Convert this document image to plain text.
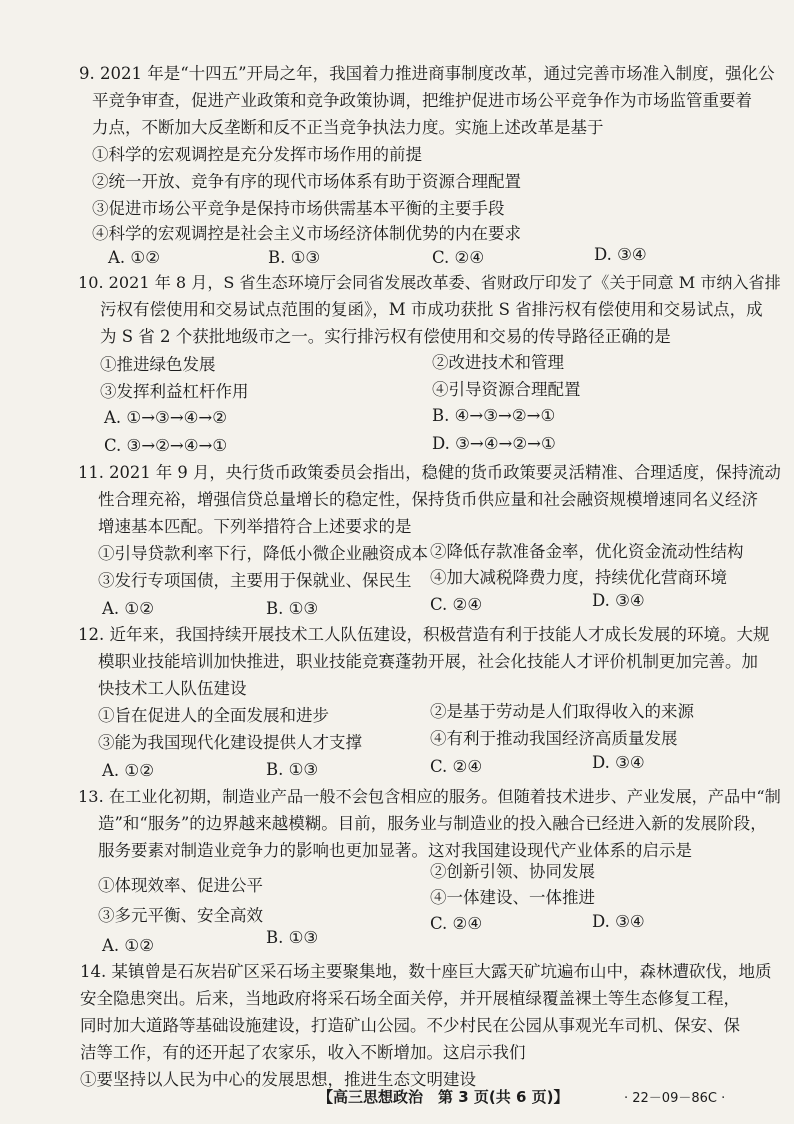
9. 2021 年是“十四五”开局之年，我国着力推进商事制度改革，通过完善市场准入制度，强化公
平竞争审查，促进产业政策和竞争政策协调，把维护促进市场公平竞争作为市场监管重要着
力点，不断加大反垄断和反不正当竞争执法力度。实施上述改革是基于
①科学的宏观调控是充分发挥市场作用的前提
②统一开放、竞争有序的现代市场体系有助于资源合理配置
③促进市场公平竞争是保持市场供需基本平衡的主要手段
④科学的宏观调控是社会主义市场经济体制优势的内在要求
A. ①②	B. ①③	C. ②④	D. ③④
10. 2021 年 8 月，S 省生态环境厅会同省发展改革委、省财政厅印发了《关于同意 M 市纳入省排
污权有偿使用和交易试点范围的复函》，M 市成功获批 S 省排污权有偿使用和交易试点，成
为 S 省 2 个获批地级市之一。实行排污权有偿使用和交易的传导路径正确的是
①推进绿色发展	②改进技术和管理
③发挥利益杠杆作用	④引导资源合理配置
A. ①→③→④→②	B. ④→③→②→①
C. ③→②→④→①	D. ③→④→②→①
11. 2021 年 9 月，央行货币政策委员会指出，稳健的货币政策要灵活精准、合理适度，保持流动
性合理充裕，增强信贷总量增长的稳定性，保持货币供应量和社会融资规模增速同名义经济
增速基本匹配。下列举措符合上述要求的是
①引导贷款利率下行，降低小微企业融资成本 ②降低存款准备金率，优化资金流动性结构
③发行专项国债，主要用于保就业、保民生 ④加大减税降费力度，持续优化营商环境
A. ①②	B. ①③	C. ②④	D. ③④
12. 近年来，我国持续开展技术工人队伍建设，积极营造有利于技能人才成长发展的环境。大规
模职业技能培训加快推进，职业技能竞赛蓬勃开展，社会化技能人才评价机制更加完善。加
快技术工人队伍建设
①旨在促进人的全面发展和进步	②是基于劳动是人们取得收入的来源
③能为我国现代化建设提供人才支撑	④有利于推动我国经济高质量发展
A. ①②	B. ①③	C. ②④	D. ③④
13. 在工业化初期，制造业产品一般不会包含相应的服务。但随着技术进步、产业发展，产品中“制
造”和“服务”的边界越来越模糊。目前，服务业与制造业的投入融合已经进入新的发展阶段，
服务要素对制造业竞争力的影响也更加显著。这对我国建设现代产业体系的启示是
①体现效率、促进公平
②创新引领、协同发展
③多元平衡、安全高效
④一体建设、一体推进
A. ①②	B. ①③
C. ②④	D. ③④
14. 某镇曾是石灰岩矿区采石场主要聚集地，数十座巨大露天矿坑遍布山中，森林遭砍伐，地质
安全隐患突出。后来，当地政府将采石场全面关停，并开展植绿覆盖裸土等生态修复工程，
同时加大道路等基础设施建设，打造矿山公园。不少村民在公园从事观光车司机、保安、保
洁等工作，有的还开起了农家乐，收入不断增加。这启示我们
①要坚持以人民为中心的发展思想，推进生态文明建设
【高三思想政治　第 3 页(共 6 页)】	· 22－09－86C ·
